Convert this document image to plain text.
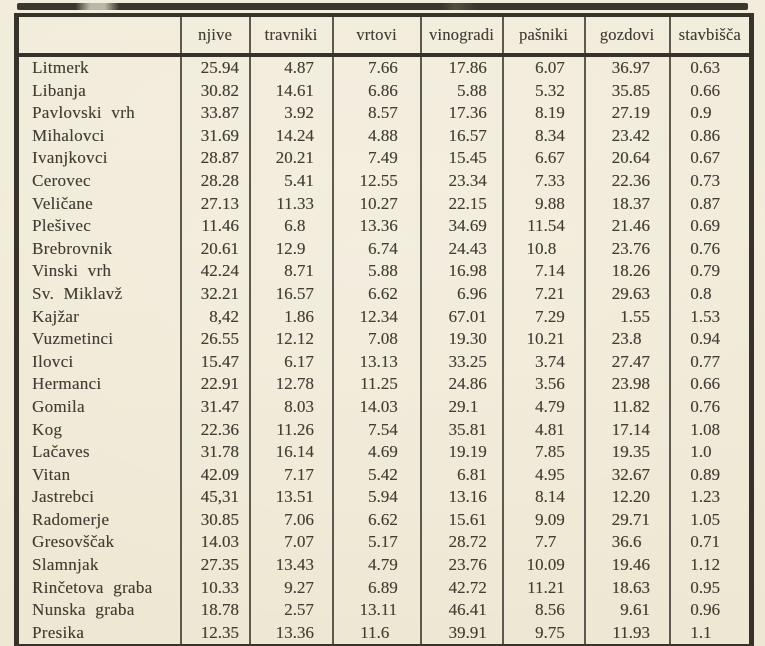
	njive	travniki	vrtovi	vinogradi	pašniki	gozdovi	stavbišča
Litmerk	25.94	4.87	7.66	17.86	6.07	36.97	0.63
Libanja	30.82	14.61	6.86	5.88	5.32	35.85	0.66
Pavlovski vrh	33.87	3.92	8.57	17.36	8.19	27.19	0.9
Mihalovci	31.69	14.24	4.88	16.57	8.34	23.42	0.86
Ivanjkovci	28.87	20.21	7.49	15.45	6.67	20.64	0.67
Cerovec	28.28	5.41	12.55	23.34	7.33	22.36	0.73
Veličane	27.13	11.33	10.27	22.15	9.88	18.37	0.87
Plešivec	11.46	6.8	13.36	34.69	11.54	21.46	0.69
Brebrovnik	20.61	12.9	6.74	24.43	10.8	23.76	0.76
Vinski vrh	42.24	8.71	5.88	16.98	7.14	18.26	0.79
Sv. Miklavž	32.21	16.57	6.62	6.96	7.21	29.63	0.8
Kajžar	8,42	1.86	12.34	67.01	7.29	1.55	1.53
Vuzmetinci	26.55	12.12	7.08	19.30	10.21	23.8	0.94
Ilovci	15.47	6.17	13.13	33.25	3.74	27.47	0.77
Hermanci	22.91	12.78	11.25	24.86	3.56	23.98	0.66
Gomila	31.47	8.03	14.03	29.1	4.79	11.82	0.76
Kog	22.36	11.26	7.54	35.81	4.81	17.14	1.08
Lačaves	31.78	16.14	4.69	19.19	7.85	19.35	1.0
Vitan	42.09	7.17	5.42	6.81	4.95	32.67	0.89
Jastrebci	45,31	13.51	5.94	13.16	8.14	12.20	1.23
Radomerje	30.85	7.06	6.62	15.61	9.09	29.71	1.05
Gresovščak	14.03	7.07	5.17	28.72	7.7	36.6	0.71
Slamnjak	27.35	13.43	4.79	23.76	10.09	19.46	1.12
Rinčetova graba	10.33	9.27	6.89	42.72	11.21	18.63	0.95
Nunska graba	18.78	2.57	13.11	46.41	8.56	9.61	0.96
Presika	12.35	13.36	11.6	39.91	9.75	11.93	1.1
